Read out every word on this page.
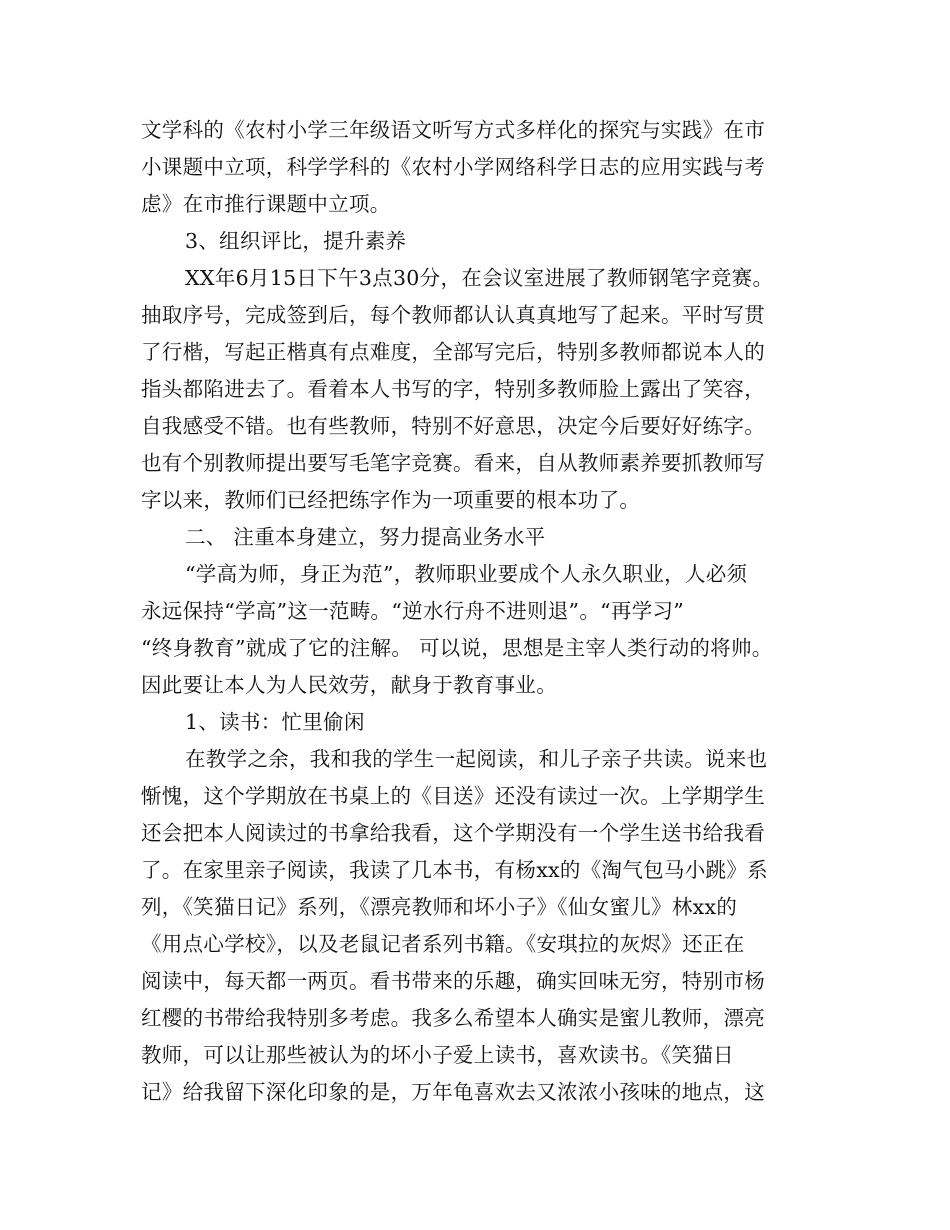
文学科的《农村小学三年级语文听写方式多样化的探究与实践》在市
小课题中立项，科学学科的《农村小学网络科学日志的应用实践与考
虑》在市推行课题中立项。
3、组织评比，提升素养
XX年6月15日下午3点30分，在会议室进展了教师钢笔字竞赛。
抽取序号，完成签到后，每个教师都认认真真地写了起来。平时写贯
了行楷，写起正楷真有点难度，全部写完后，特别多教师都说本人的
指头都陷进去了。看着本人书写的字，特别多教师脸上露出了笑容，
自我感受不错。也有些教师，特别不好意思，决定今后要好好练字。
也有个别教师提出要写毛笔字竞赛。看来，自从教师素养要抓教师写
字以来，教师们已经把练字作为一项重要的根本功了。
二、 注重本身建立，努力提高业务水平
“学高为师，身正为范”，教师职业要成个人永久职业，人必须
永远保持“学高”这一范畴。“逆水行舟不进则退”。“再学习”
“终身教育”就成了它的注解。 可以说，思想是主宰人类行动的将帅。
因此要让本人为人民效劳，献身于教育事业。
1、读书：忙里偷闲
在教学之余，我和我的学生一起阅读，和儿子亲子共读。说来也
惭愧，这个学期放在书桌上的《目送》还没有读过一次。上学期学生
还会把本人阅读过的书拿给我看，这个学期没有一个学生送书给我看
了。在家里亲子阅读，我读了几本书，有杨xx的《淘气包马小跳》系
列，《笑猫日记》系列，《漂亮教师和坏小子》《仙女蜜儿》林xx的
《用点心学校》，以及老鼠记者系列书籍。《安琪拉的灰烬》还正在
阅读中，每天都一两页。看书带来的乐趣，确实回味无穷，特别市杨
红樱的书带给我特别多考虑。我多么希望本人确实是蜜儿教师，漂亮
教师，可以让那些被认为的坏小子爱上读书，喜欢读书。《笑猫日
记》给我留下深化印象的是，万年龟喜欢去又浓浓小孩味的地点，这
